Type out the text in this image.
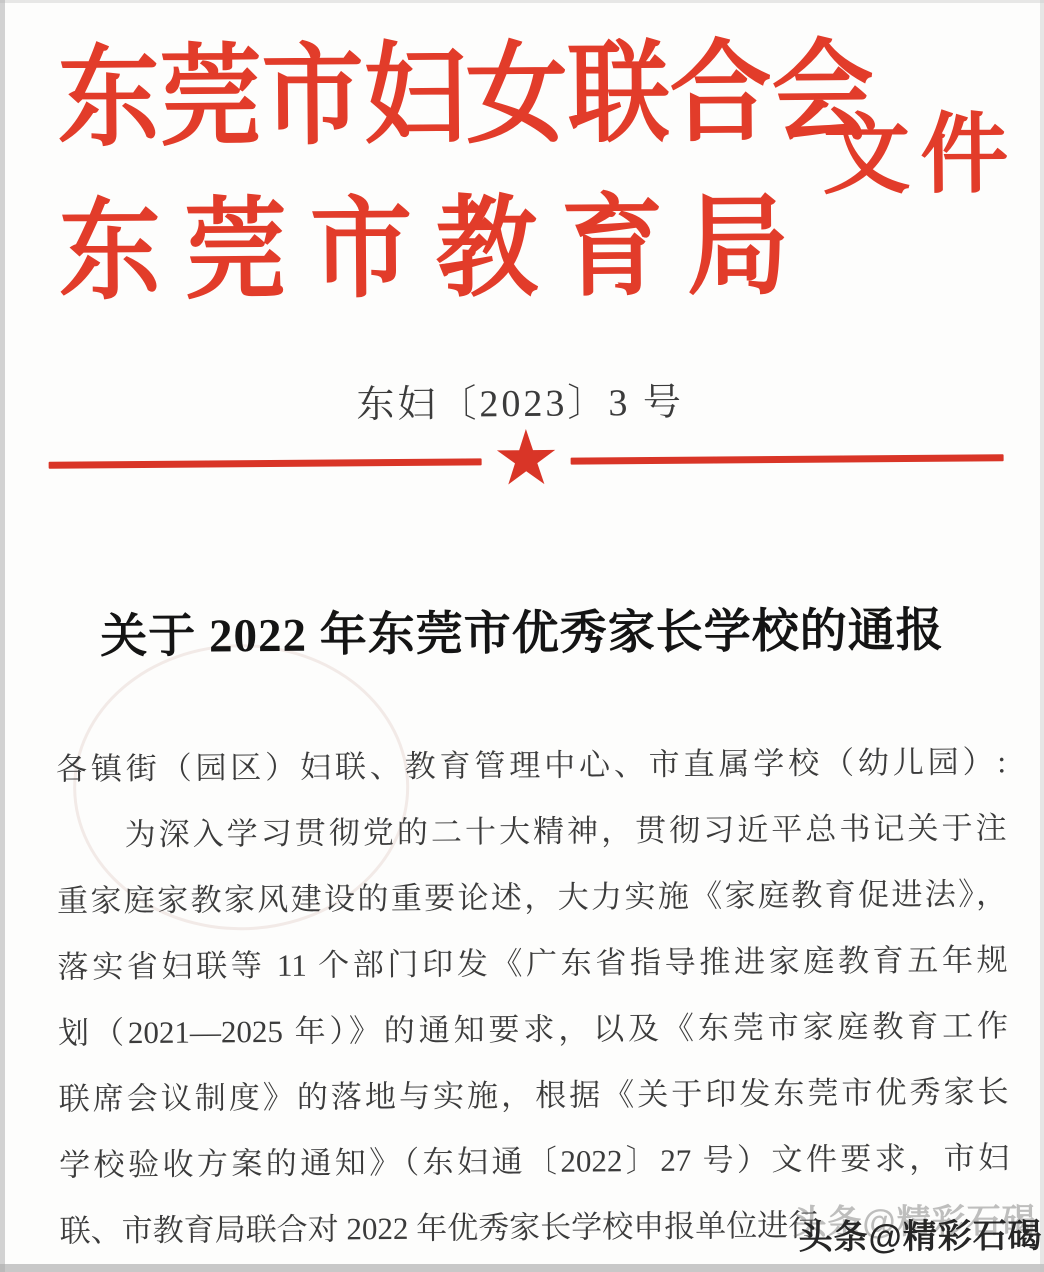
东莞市妇女联合会
东莞市教育局
文件
东妇〔2023〕3 号
★
关于 2022 年东莞市优秀家长学校的通报

各镇街（园区）妇联、教育管理中心、市直属学校（幼儿园）:

　　为深入学习贯彻党的二十大精神，贯彻习近平总书记关于注

重家庭家教家风建设的重要论述，大力实施《家庭教育促进法》，

落实省妇联等 11 个部门印发《广东省指导推进家庭教育五年规

划（2021—2025 年）》的通知要求，以及《东莞市家庭教育工作

联席会议制度》的落地与实施，根据《关于印发东莞市优秀家长

学校验收方案的通知》（东妇通〔2022〕27 号）文件要求，市妇

联、市教育局联合对 2022 年优秀家长学校申报单位进行

头条@精彩石碣
